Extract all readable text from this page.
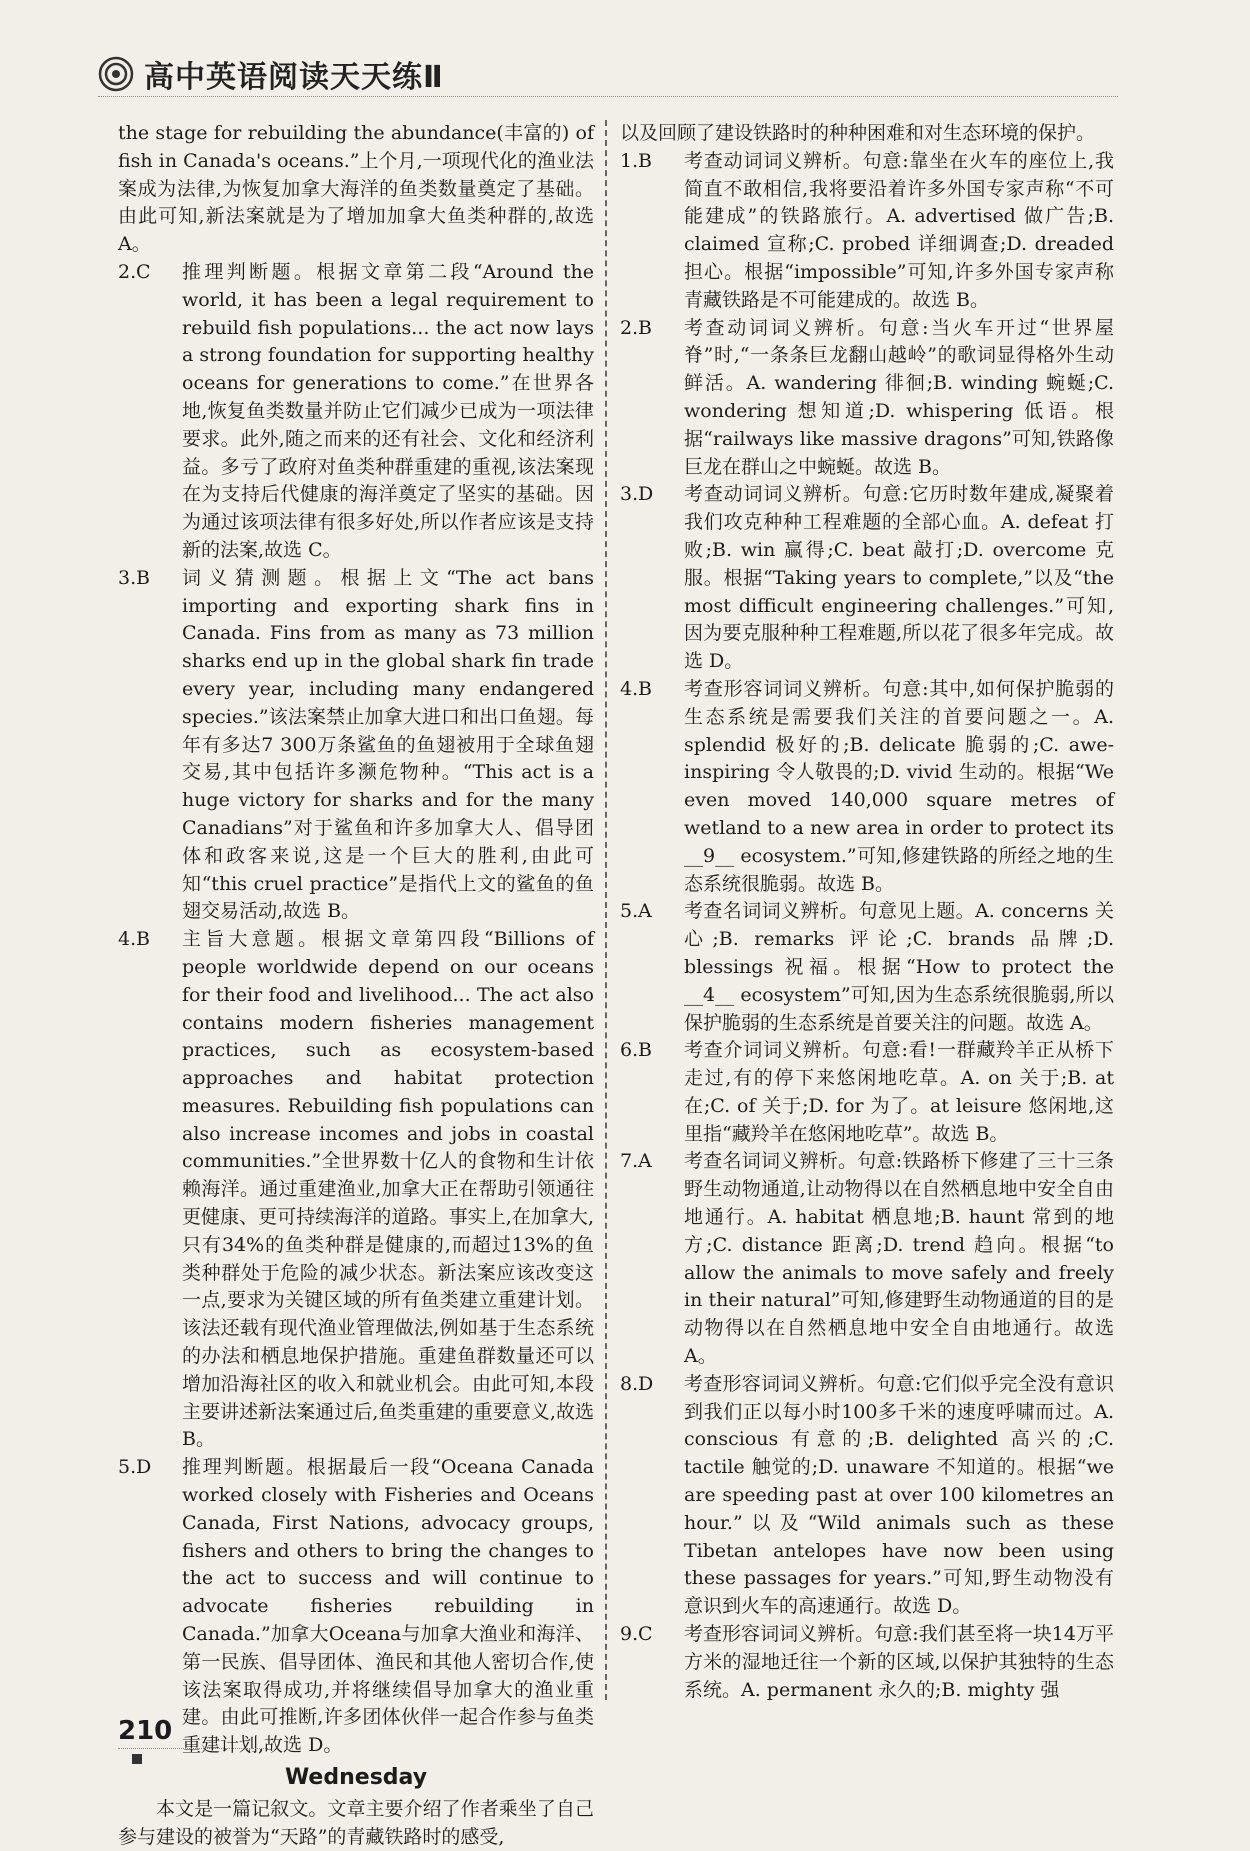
高中英语阅读天天练Ⅱ

the stage for rebuilding the abundance(丰富的) of fish in Canada's oceans.”上个月,一项现代化的渔业法案成为法律,为恢复加拿大海洋的鱼类数量奠定了基础。由此可知,新法案就是为了增加加拿大鱼类种群的,故选 A。

2. C	推理判断题。根据文章第二段“Around the world, it has been a legal requirement to rebuild fish populations... the act now lays a strong foundation for supporting healthy oceans for generations to come.”在世界各地,恢复鱼类数量并防止它们减少已成为一项法律要求。此外,随之而来的还有社会、文化和经济利益。多亏了政府对鱼类种群重建的重视,该法案现在为支持后代健康的海洋奠定了坚实的基础。因为通过该项法律有很多好处,所以作者应该是支持新的法案,故选 C。
3. B	词义猜测题。根据上文“The act bans importing and exporting shark fins in Canada. Fins from as many as 73 million sharks end up in the global shark fin trade every year, including many endangered species.”该法案禁止加拿大进口和出口鱼翅。每年有多达7 300万条鲨鱼的鱼翅被用于全球鱼翅交易,其中包括许多濒危物种。“This act is a huge victory for sharks and for the many Canadians”对于鲨鱼和许多加拿大人、倡导团体和政客来说,这是一个巨大的胜利,由此可知“this cruel practice”是指代上文的鲨鱼的鱼翅交易活动,故选 B。
4. B	主旨大意题。根据文章第四段“Billions of people worldwide depend on our oceans for their food and livelihood... The act also contains modern fisheries management practices, such as ecosystem-based approaches and habitat protection measures. Rebuilding fish populations can also increase incomes and jobs in coastal communities.”全世界数十亿人的食物和生计依赖海洋。通过重建渔业,加拿大正在帮助引领通往更健康、更可持续海洋的道路。事实上,在加拿大,只有34%的鱼类种群是健康的,而超过13%的鱼类种群处于危险的减少状态。新法案应该改变这一点,要求为关键区域的所有鱼类建立重建计划。该法还载有现代渔业管理做法,例如基于生态系统的办法和栖息地保护措施。重建鱼群数量还可以增加沿海社区的收入和就业机会。由此可知,本段主要讲述新法案通过后,鱼类重建的重要意义,故选 B。
5. D	推理判断题。根据最后一段“Oceana Canada worked closely with Fisheries and Oceans Canada, First Nations, advocacy groups, fishers and others to bring the changes to the act to success and will continue to advocate fisheries rebuilding in Canada.”加拿大Oceana与加拿大渔业和海洋、第一民族、倡导团体、渔民和其他人密切合作,使该法案取得成功,并将继续倡导加拿大的渔业重建。由此可推断,许多团体伙伴一起合作参与鱼类重建计划,故选 D。
Wednesday

本文是一篇记叙文。文章主要介绍了作者乘坐了自己参与建设的被誉为“天路”的青藏铁路时的感受,

以及回顾了建设铁路时的种种困难和对生态环境的保护。

1. B	考查动词词义辨析。句意:靠坐在火车的座位上,我简直不敢相信,我将要沿着许多外国专家声称“不可能建成”的铁路旅行。A. advertised 做广告;B. claimed 宣称;C. probed 详细调查;D. dreaded 担心。根据“impossible”可知,许多外国专家声称青藏铁路是不可能建成的。故选 B。
2. B	考查动词词义辨析。句意:当火车开过“世界屋脊”时,“一条条巨龙翻山越岭”的歌词显得格外生动鲜活。A. wandering 徘徊;B. winding 蜿蜒;C. wondering 想知道;D. whispering 低语。根据“railways like massive dragons”可知,铁路像巨龙在群山之中蜿蜒。故选 B。
3. D	考查动词词义辨析。句意:它历时数年建成,凝聚着我们攻克种种工程难题的全部心血。A. defeat 打败;B. win 赢得;C. beat 敲打;D. overcome 克服。根据“Taking years to complete,”以及“the most difficult engineering challenges.”可知,因为要克服种种工程难题,所以花了很多年完成。故选 D。
4. B	考查形容词词义辨析。句意:其中,如何保护脆弱的生态系统是需要我们关注的首要问题之一。A. splendid 极好的;B. delicate 脆弱的;C. awe-inspiring 令人敬畏的;D. vivid 生动的。根据“We even moved 140,000 square metres of wetland to a new area in order to protect its __9__ ecosystem.”可知,修建铁路的所经之地的生态系统很脆弱。故选 B。
5. A	考查名词词义辨析。句意见上题。A. concerns 关心;B. remarks 评论;C. brands 品牌;D. blessings 祝福。根据“How to protect the __4__ ecosystem”可知,因为生态系统很脆弱,所以保护脆弱的生态系统是首要关注的问题。故选 A。
6. B	考查介词词义辨析。句意:看!一群藏羚羊正从桥下走过,有的停下来悠闲地吃草。A. on 关于;B. at 在;C. of 关于;D. for 为了。at leisure 悠闲地,这里指“藏羚羊在悠闲地吃草”。故选 B。
7. A	考查名词词义辨析。句意:铁路桥下修建了三十三条野生动物通道,让动物得以在自然栖息地中安全自由地通行。A. habitat 栖息地;B. haunt 常到的地方;C. distance 距离;D. trend 趋向。根据“to allow the animals to move safely and freely in their natural”可知,修建野生动物通道的目的是动物得以在自然栖息地中安全自由地通行。故选 A。
8. D	考查形容词词义辨析。句意:它们似乎完全没有意识到我们正以每小时100多千米的速度呼啸而过。A. conscious 有意的;B. delighted 高兴的;C. tactile 触觉的;D. unaware 不知道的。根据“we are speeding past at over 100 kilometres an hour.”以及“Wild animals such as these Tibetan antelopes have now been using these passages for years.”可知,野生动物没有意识到火车的高速通行。故选 D。
9. C	考查形容词词义辨析。句意:我们甚至将一块14万平方米的湿地迁往一个新的区域,以保护其独特的生态系统。A. permanent 永久的;B. mighty 强
210
